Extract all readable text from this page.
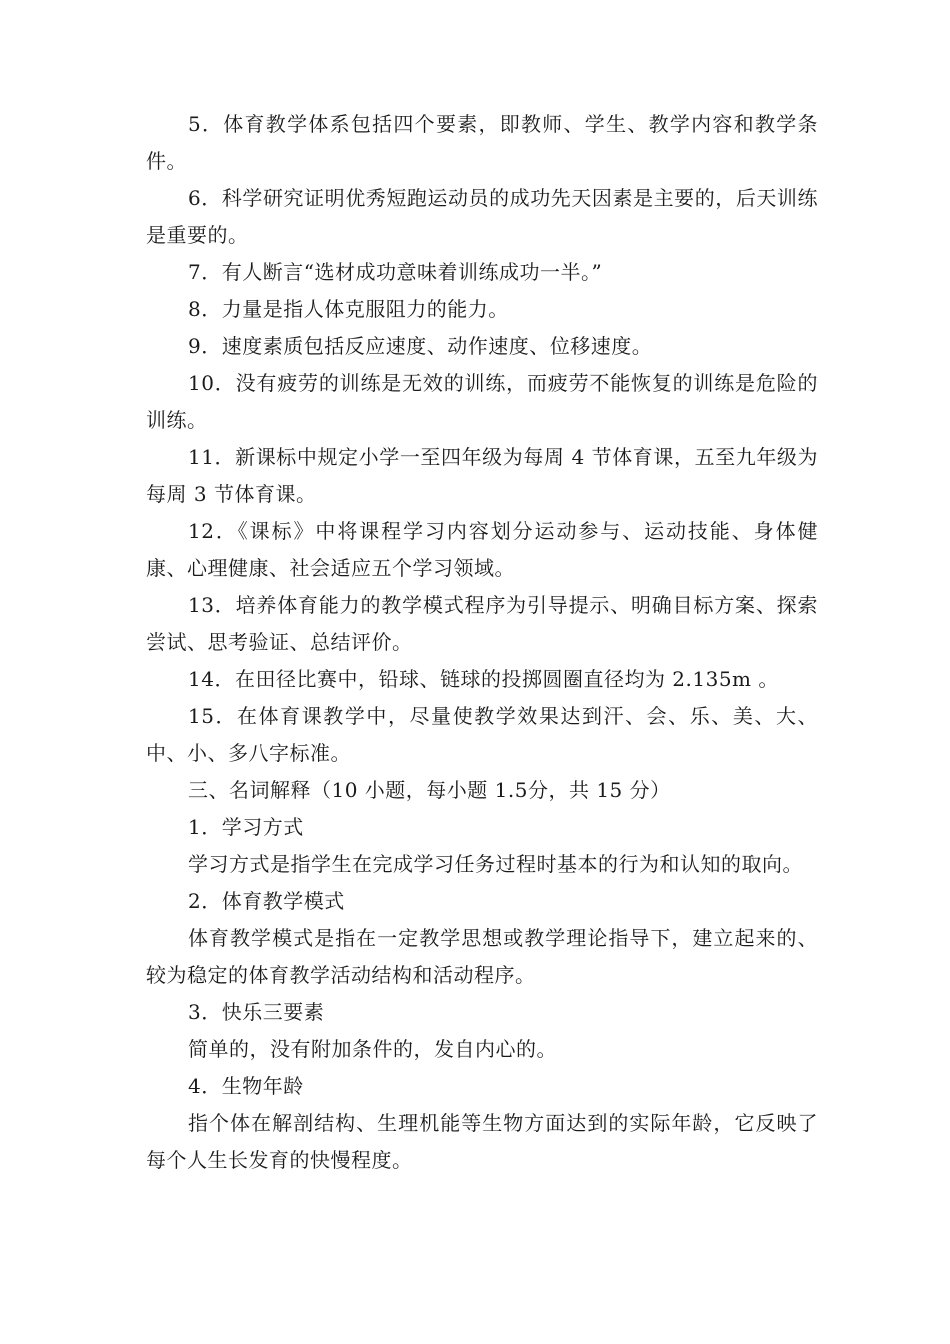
5．体育教学体系包括四个要素，即教师、学生、教学内容和教学条件。

6．科学研究证明优秀短跑运动员的成功先天因素是主要的，后天训练是重要的。

7．有人断言“选材成功意味着训练成功一半。”

8．力量是指人体克服阻力的能力。

9．速度素质包括反应速度、动作速度、位移速度。

10．没有疲劳的训练是无效的训练，而疲劳不能恢复的训练是危险的训练。

11．新课标中规定小学一至四年级为每周 4 节体育课，五至九年级为每周 3 节体育课。

12．《课标》中将课程学习内容划分运动参与、运动技能、身体健康、心理健康、社会适应五个学习领域。

13．培养体育能力的教学模式程序为引导提示、明确目标方案、探索尝试、思考验证、总结评价。

14．在田径比赛中，铅球、链球的投掷圆圈直径均为 2.135m 。

15．在体育课教学中，尽量使教学效果达到汗、会、乐、美、大、中、小、多八字标准。

三、名词解释（10 小题，每小题 1.5分，共 15 分）

1．学习方式

学习方式是指学生在完成学习任务过程时基本的行为和认知的取向。

2．体育教学模式

体育教学模式是指在一定教学思想或教学理论指导下，建立起来的、较为稳定的体育教学活动结构和活动程序。

3．快乐三要素

简单的，没有附加条件的，发自内心的。

4．生物年龄

指个体在解剖结构、生理机能等生物方面达到的实际年龄，它反映了每个人生长发育的快慢程度。
